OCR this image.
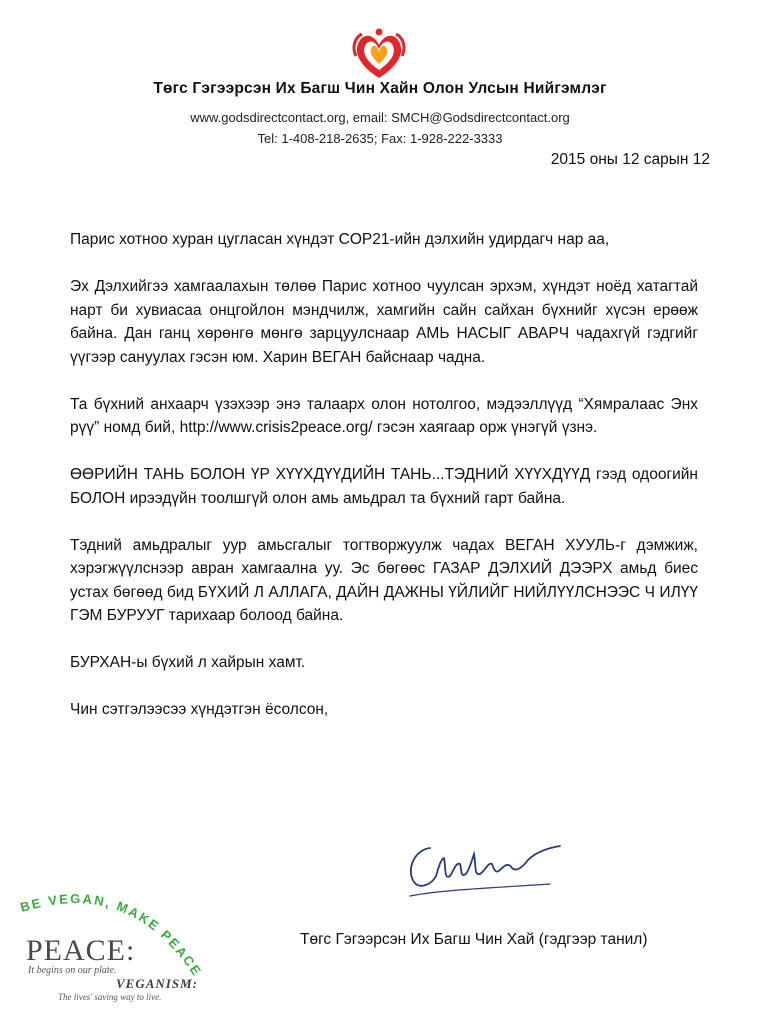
Төгс Гэгээрсэн Их Багш Чин Хайн Олон Улсын Нийгэмлэг
www.godsdirectcontact.org, email: SMCH@Godsdirectcontact.org
Tel: 1-408-218-2635; Fax: 1-928-222-3333
2015 оны 12 сарын 12

Парис хотноо хуран цугласан хүндэт COP21-ийн дэлхийн удирдагч нар аа,

Эх Дэлхийгээ хамгаалахын төлөө Парис хотноо чуулсан эрхэм, хүндэт ноёд хатагтай нарт би хувиасаа онцгойлон мэндчилж, хамгийн сайн сайхан бүхнийг хүсэн ерөөж байна. Дан ганц хөрөнгө мөнгө зарцуулснаар АМЬ НАСЫГ АВАРЧ чадахгүй гэдгийг үүгээр сануулах гэсэн юм. Харин ВЕГАН байснаар чадна.

Та бүхний анхаарч үзэхээр энэ талаарх олон нотолгоо, мэдээллүүд “Хямралаас Энх рүү” номд бий, http://www.crisis2peace.org/ гэсэн хаягаар орж үнэгүй үзнэ.

ӨӨРИЙН ТАНЬ БОЛОН ҮР ХҮҮХДҮҮДИЙН ТАНЬ...ТЭДНИЙ ХҮҮХДҮҮД гээд одоогийн БОЛОН ирээдүйн тоолшгүй олон амь амьдрал та бүхний гарт байна.

Тэдний амьдралыг уур амьсгалыг тогтворжуулж чадах ВЕГАН ХУУЛЬ-г дэмжиж, хэрэгжүүлснээр авран хамгаална уу. Эс бөгөөс ГАЗАР ДЭЛХИЙ ДЭЭРХ амьд биес устах бөгөөд бид БҮХИЙ Л АЛЛАГА, ДАЙН ДАЖНЫ ҮЙЛИЙГ НИЙЛҮҮЛСНЭЭС Ч ИЛҮҮ ГЭМ БУРУУГ тарихаар болоод байна.

БУРХАН-ы бүхий л хайрын хамт.

Чин сэтгэлээсээ хүндэтгэн ёсолсон,

Төгс Гэгээрсэн Их Багш Чин Хай (гэдгээр танил)
BE VEGAN, MAKE PEACE
PEACE:
It begins on our plate.
VEGANISM:
The lives' saving way to live.
